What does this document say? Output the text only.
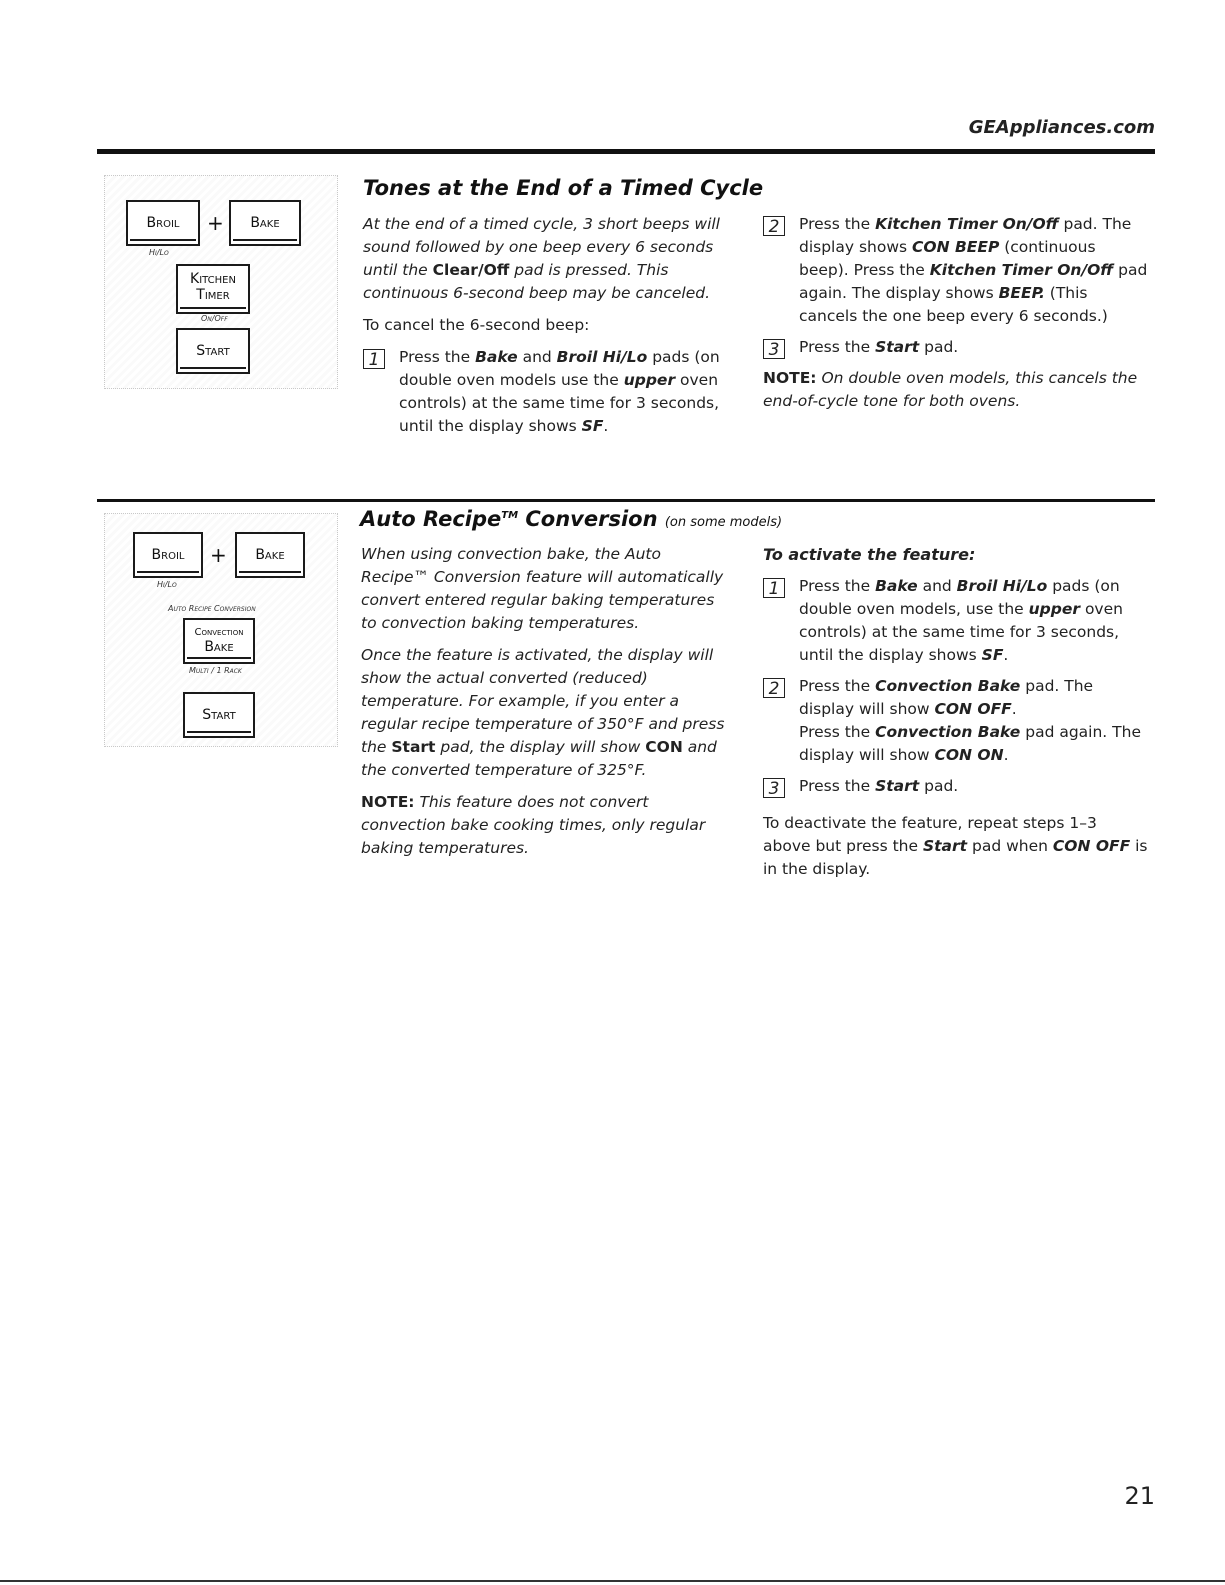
GEAppliances.com
Broil + Bake
Hi/Lo
Kitchen Timer
On/Off
Start
Tones at the End of a Timed Cycle

At the end of a timed cycle, 3 short beeps will sound followed by one beep every 6 seconds until the Clear/Off pad is pressed. This continuous 6-second beep may be canceled.

To cancel the 6-second beep:

1	Press the Bake and Broil Hi/Lo pads (on double oven models use the upper oven controls) at the same time for 3 seconds, until the display shows SF.
2	Press the Kitchen Timer On/Off pad. The display shows CON BEEP (continuous beep). Press the Kitchen Timer On/Off pad again. The display shows BEEP. (This cancels the one beep every 6 seconds.)
3	Press the Start pad.

NOTE: On double oven models, this cancels the end-of-cycle tone for both ovens.

Broil + Bake
Hi/Lo
Auto Recipe Conversion
Convection
Bake
Multi / 1 Rack
Start
Auto Recipe™ Conversion (on some models)

When using convection bake, the Auto Recipe™ Conversion feature will automatically convert entered regular baking temperatures to convection baking temperatures.

Once the feature is activated, the display will show the actual converted (reduced) temperature. For example, if you enter a regular recipe temperature of 350°F and press the Start pad, the display will show CON and the converted temperature of 325°F.

NOTE: This feature does not convert convection bake cooking times, only regular baking temperatures.

To activate the feature:

1	Press the Bake and Broil Hi/Lo pads (on double oven models, use the upper oven controls) at the same time for 3 seconds, until the display shows SF.
2	Press the Convection Bake pad. The display will show CON OFF.
Press the Convection Bake pad again. The display will show CON ON.
3	Press the Start pad.

To deactivate the feature, repeat steps 1–3 above but press the Start pad when CON OFF is in the display.

21
